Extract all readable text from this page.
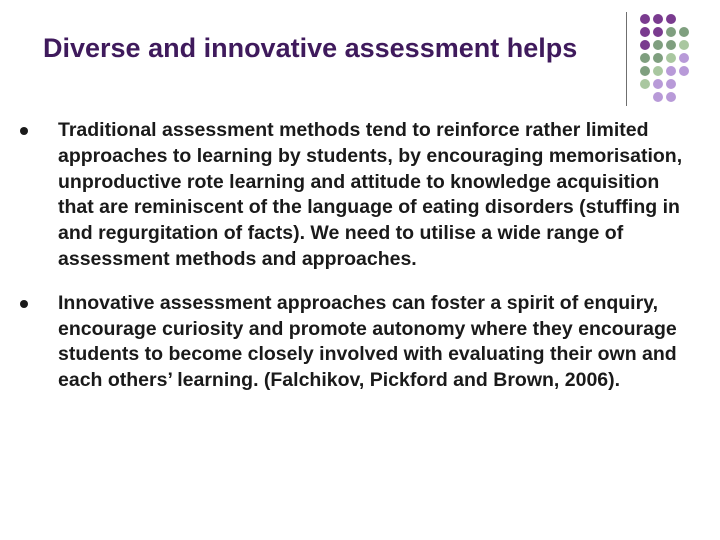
Diverse and innovative assessment helps
Traditional assessment methods tend to reinforce rather limited approaches to learning by students, by encouraging memorisation, unproductive rote learning and attitude to knowledge acquisition that are reminiscent of the language of eating disorders (stuffing in and regurgitation of facts). We need to utilise a wide range of assessment methods and approaches.
Innovative assessment approaches can foster a spirit of enquiry, encourage curiosity and promote autonomy where they encourage students to become closely involved with evaluating their own and each others’ learning. (Falchikov, Pickford and Brown, 2006).
